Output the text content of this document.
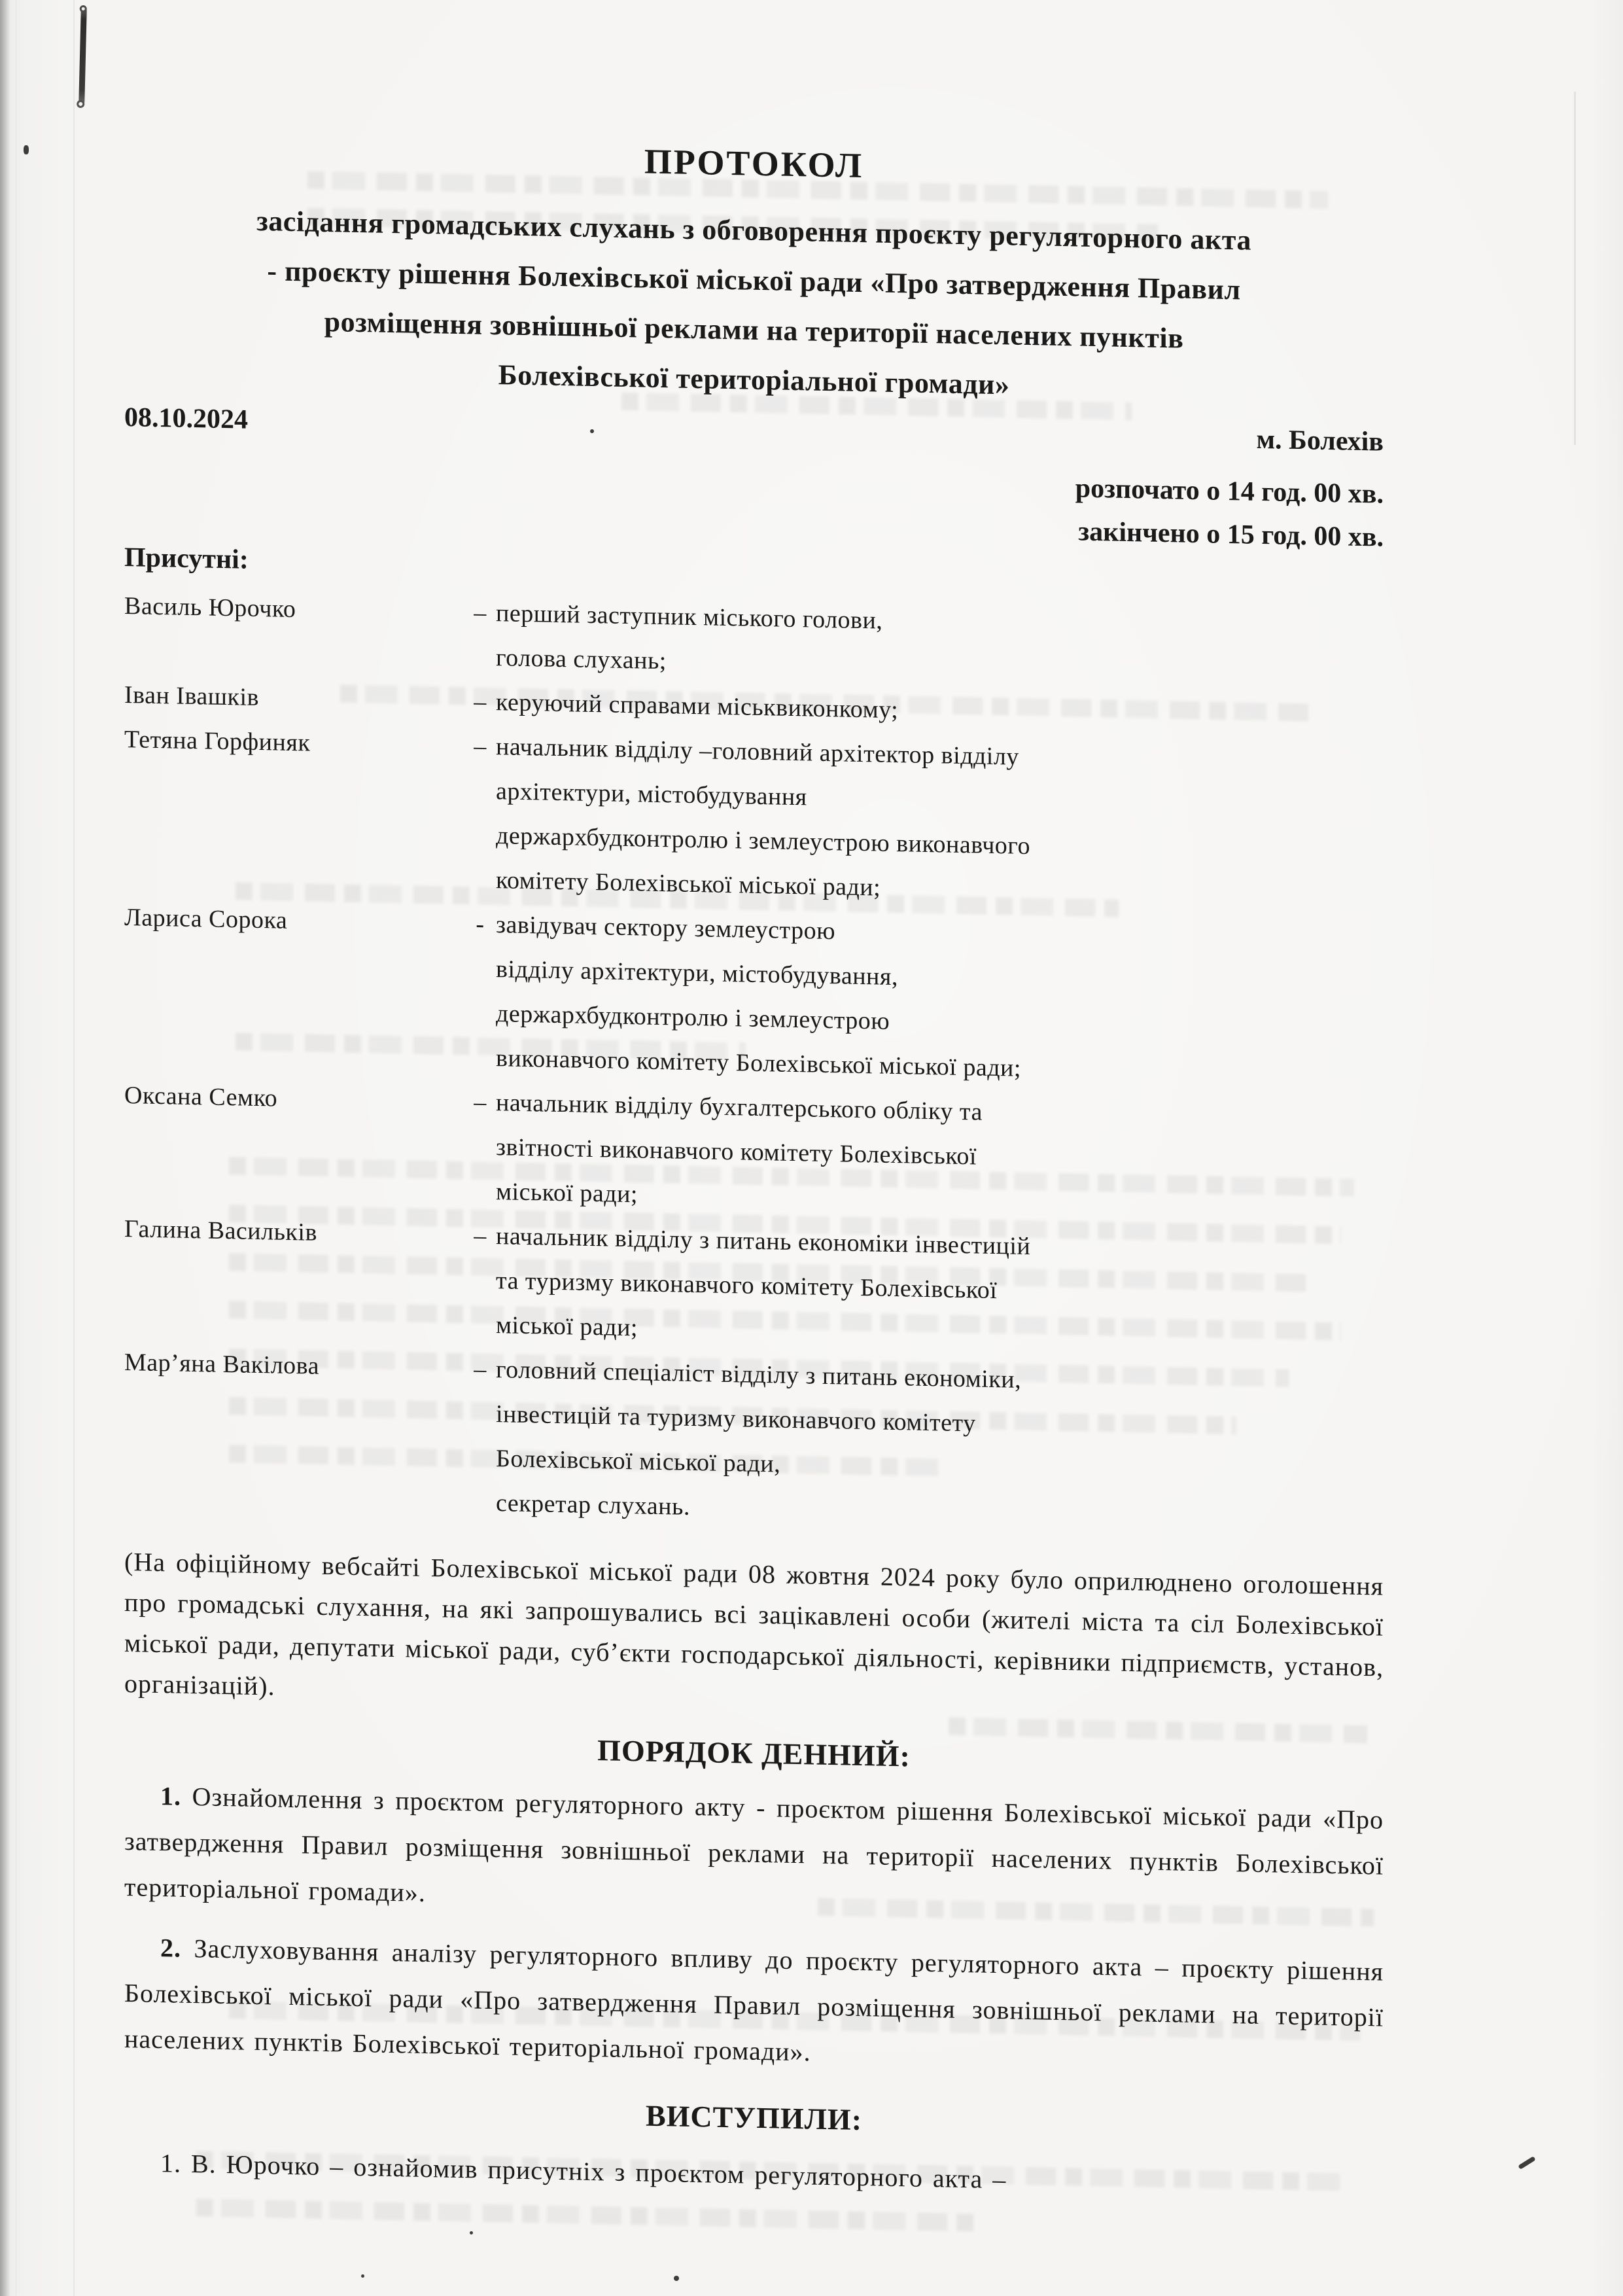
ПРОТОКОЛ
засідання громадських слухань з обговорення проєкту регуляторного акта
- проєкту рішення Болехівської міської ради «Про затвердження Правил
розміщення зовнішньої реклами на території населених пунктів
Болехівської територіальної громади»
08.10.2024
м. Болехів
розпочато о 14 год. 00 хв.
закінчено о 15 год. 00 хв.
Присутні:
Василь Юрочко	– перший заступник міського голови,
голова слухань;
Іван Івашків	– керуючий справами міськвиконкому;
Тетяна Горфиняк	– начальник відділу –головний архітектор відділу
архітектури, містобудування
держархбудконтролю і землеустрою виконавчого
комітету Болехівської міської ради;
Лариса Сорока	- завідувач сектору землеустрою
відділу архітектури, містобудування,
держархбудконтролю і землеустрою
виконавчого комітету Болехівської міської ради;
Оксана Семко	– начальник відділу бухгалтерського обліку та
звітності виконавчого комітету Болехівської
міської ради;
Галина Васильків	– начальник відділу з питань економіки інвестицій
та туризму виконавчого комітету Болехівської
міської ради;
Мар’яна Вакілова	– головний спеціаліст відділу з питань економіки,
інвестицій та туризму виконавчого комітету
Болехівської міської ради,
секретар слухань.

(На офіційному вебсайті Болехівської міської ради 08 жовтня 2024 року було оприлюднено оголошення про громадські слухання, на які запрошувались всі зацікавлені особи (жителі міста та сіл Болехівської міської ради, депутати міської ради, суб’єкти господарської діяльності, керівники підприємств, установ, організацій).

ПОРЯДОК ДЕННИЙ:

1. Ознайомлення з проєктом регуляторного акту - проєктом рішення Болехівської міської ради «Про затвердження Правил розміщення зовнішньої реклами на території населених пунктів Болехівської територіальної громади».

2. Заслуховування аналізу регуляторного впливу до проєкту регуляторного акта – проєкту рішення Болехівської міської ради «Про затвердження Правил розміщення зовнішньої реклами на території населених пунктів Болехівської територіальної громади».

ВИСТУПИЛИ:

1. В. Юрочко – ознайомив присутніх з проєктом регуляторного акта –
